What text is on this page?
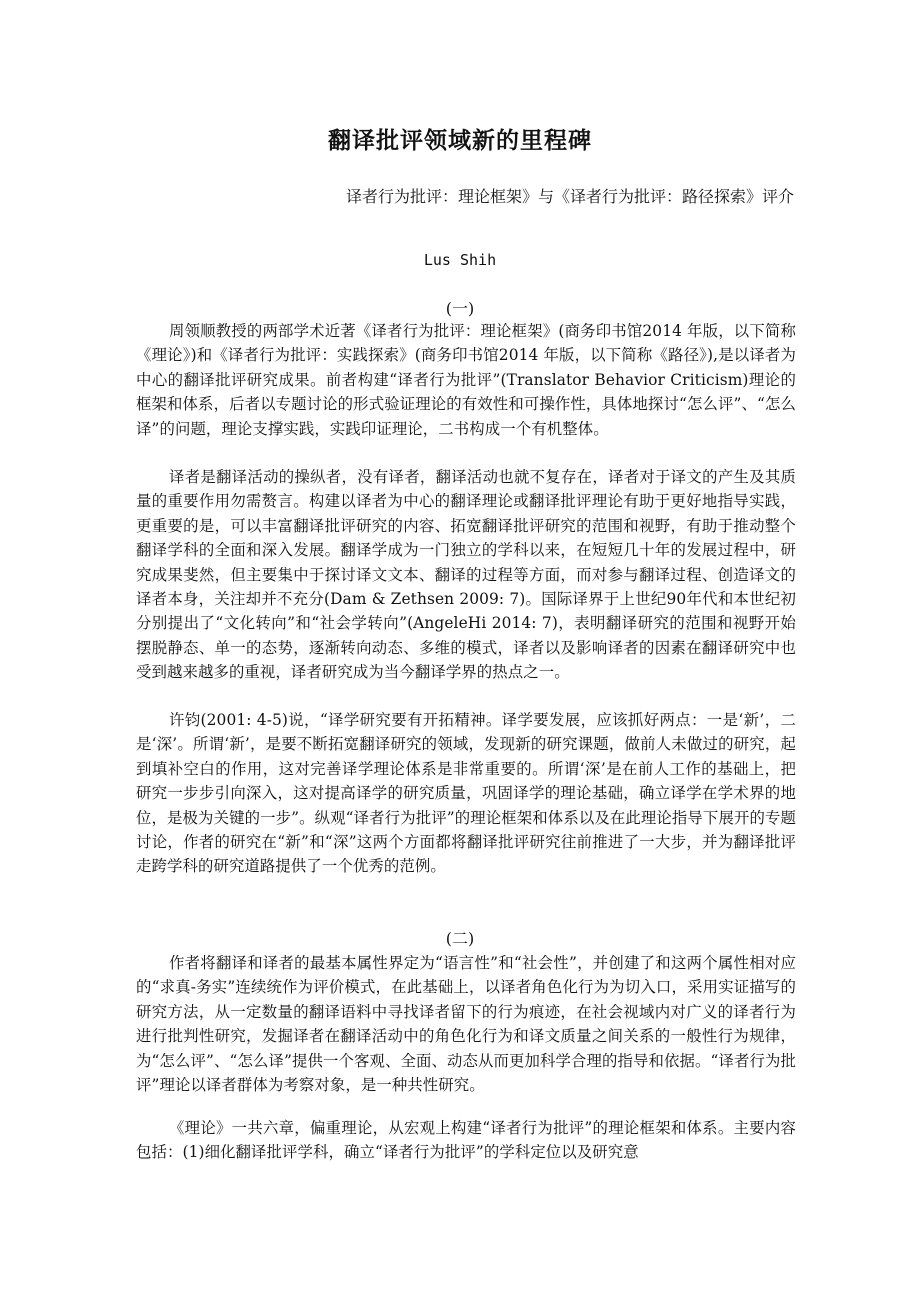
翻译批评领域新的里程碑
译者行为批评：理论框架》与《译者行为批评：路径探索》评介
Lus Shih
(一)

周领顺教授的两部学术近著《译者行为批评：理论框架》(商务印书馆2014 年版，以下简称《理论》)和《译者行为批评：实践探索》(商务印书馆2014 年版，以下简称《路径》),是以译者为中心的翻译批评研究成果。前者构建“译者行为批评”(Translator Behavior Criticism)理论的框架和体系，后者以专题讨论的形式验证理论的有效性和可操作性，具体地探讨“怎么评”、“怎么译”的问题，理论支撑实践，实践印证理论，二书构成一个有机整体。

译者是翻译活动的操纵者，没有译者，翻译活动也就不复存在，译者对于译文的产生及其质量的重要作用勿需赘言。构建以译者为中心的翻译理论或翻译批评理论有助于更好地指导实践，更重要的是，可以丰富翻译批评研究的内容、拓宽翻译批评研究的范围和视野，有助于推动整个翻译学科的全面和深入发展。翻译学成为一门独立的学科以来，在短短几十年的发展过程中，研究成果斐然，但主要集中于探讨译文文本、翻译的过程等方面，而对参与翻译过程、创造译文的译者本身，关注却并不充分(Dam & Zethsen 2009: 7)。国际译界于上世纪90年代和本世纪初分别提出了“文化转向”和“社会学转向”(AngeleHi 2014: 7)，表明翻译研究的范围和视野开始摆脱静态、单一的态势，逐渐转向动态、多维的模式，译者以及影响译者的因素在翻译研究中也受到越来越多的重视，译者研究成为当今翻译学界的热点之一。

许钧(2001: 4-5)说，“译学研究要有开拓精神。译学要发展，应该抓好两点：一是‘新’，二是‘深’。所谓‘新’，是要不断拓宽翻译研究的领域，发现新的研究课题，做前人未做过的研究，起到填补空白的作用，这对完善译学理论体系是非常重要的。所谓‘深’是在前人工作的基础上，把研究一步步引向深入，这对提高译学的研究质量，巩固译学的理论基础，确立译学在学术界的地位，是极为关键的一步”。纵观“译者行为批评”的理论框架和体系以及在此理论指导下展开的专题讨论，作者的研究在“新”和“深”这两个方面都将翻译批评研究往前推进了一大步，并为翻译批评走跨学科的研究道路提供了一个优秀的范例。

(二)

作者将翻译和译者的最基本属性界定为“语言性”和“社会性”，并创建了和这两个属性相对应的“求真-务实”连续统作为评价模式，在此基础上，以译者角色化行为为切入口，采用实证描写的研究方法，从一定数量的翻译语料中寻找译者留下的行为痕迹，在社会视域内对广义的译者行为进行批判性研究，发掘译者在翻译活动中的角色化行为和译文质量之间关系的一般性行为规律，为“怎么评”、“怎么译”提供一个客观、全面、动态从而更加科学合理的指导和依据。“译者行为批评”理论以译者群体为考察对象，是一种共性研究。

《理论》一共六章，偏重理论，从宏观上构建“译者行为批评”的理论框架和体系。主要内容包括：(1)细化翻译批评学科，确立“译者行为批评”的学科定位以及研究意
